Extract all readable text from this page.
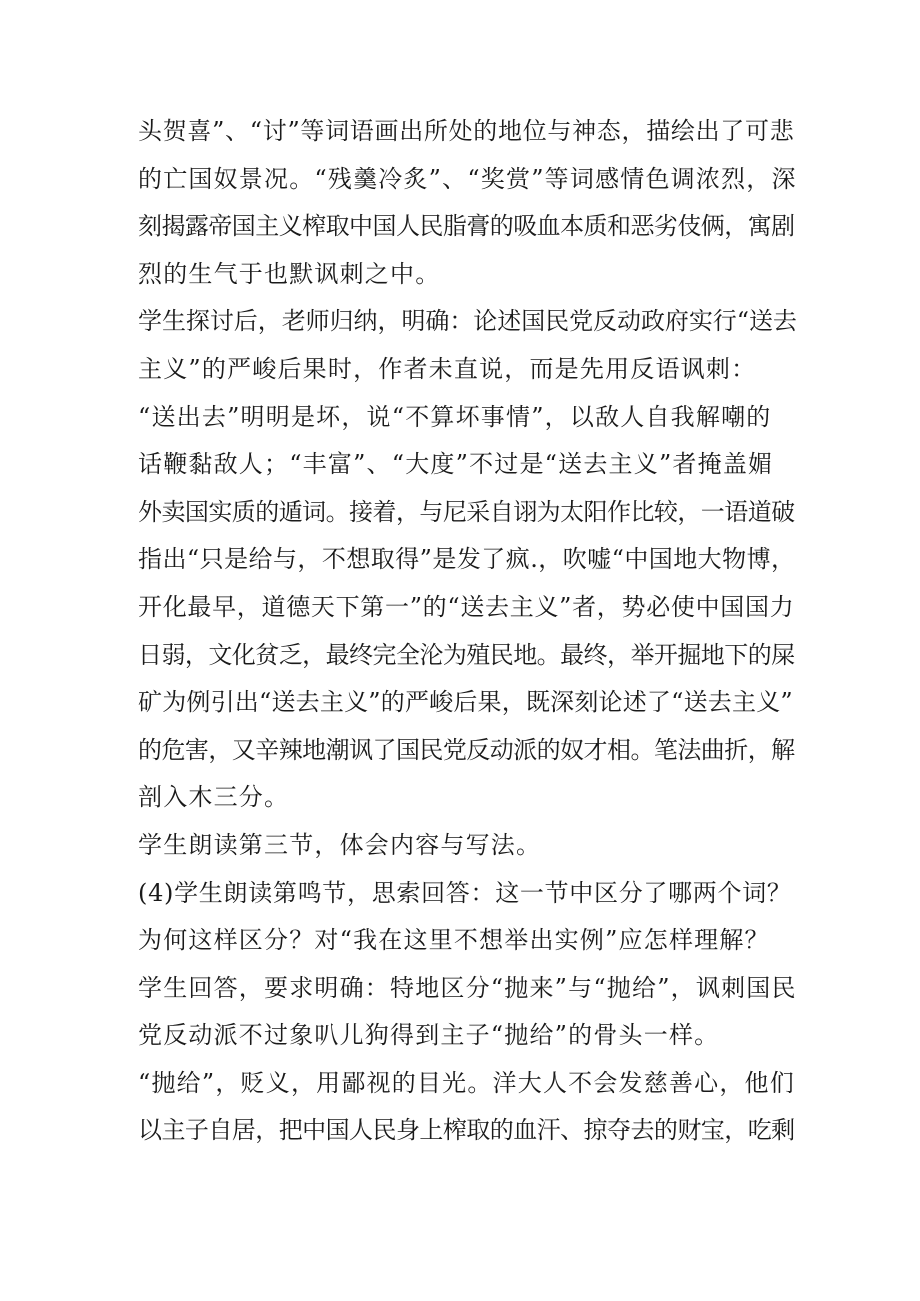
头贺喜”、“讨”等词语画出所处的地位与神态，描绘出了可悲
的亡国奴景况。“残羹冷炙”、“奖赏”等词感情色调浓烈，深
刻揭露帝国主义榨取中国人民脂膏的吸血本质和恶劣伎俩，寓剧
烈的生气于也默讽刺之中。
学生探讨后，老师归纳，明确：论述国民党反动政府实行“送去
主义”的严峻后果时，作者未直说，而是先用反语讽刺：
“送出去”明明是坏，说“不算坏事情”，以敌人自我解嘲的
话鞭黏敌人；“丰富”、“大度”不过是“送去主义”者掩盖媚
外卖国实质的遁词。接着，与尼采自诩为太阳作比较，一语道破
指出“只是给与，不想取得”是发了疯.，吹嘘“中国地大物博，
开化最早，道德天下第一”的“送去主义”者，势必使中国国力
日弱，文化贫乏，最终完全沦为殖民地。最终，举开掘地下的屎
矿为例引出“送去主义”的严峻后果，既深刻论述了“送去主义”
的危害，又辛辣地潮讽了国民党反动派的奴才相。笔法曲折，解
剖入木三分。
学生朗读第三节，体会内容与写法。
(4)学生朗读第鸣节，思索回答：这一节中区分了哪两个词？
为何这样区分？对“我在这里不想举出实例”应怎样理解？
学生回答，要求明确：特地区分“抛来”与“抛给”，讽刺国民
党反动派不过象叭儿狗得到主子“抛给”的骨头一样。
“抛给”，贬义，用鄙视的目光。洋大人不会发慈善心，他们
以主子自居，把中国人民身上榨取的血汗、掠夺去的财宝，吃剩
